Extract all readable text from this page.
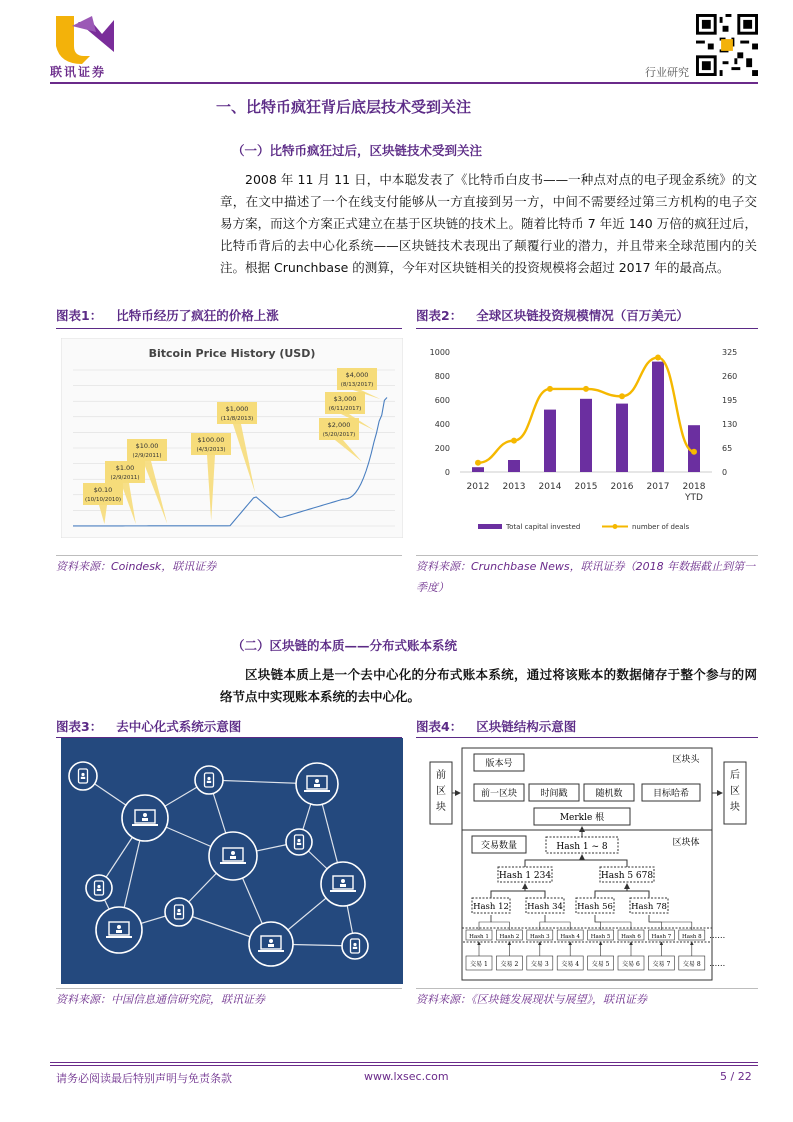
联讯证券	行业研究
一、比特币疯狂背后底层技术受到关注
（一）比特币疯狂过后，区块链技术受到关注

2008 年 11 月 11 日，中本聪发表了《比特币白皮书——一种点对点的电子现金系统》的文章，在文中描述了一个在线支付能够从一方直接到另一方，中间不需要经过第三方机构的电子交易方案，而这个方案正式建立在基于区块链的技术上。随着比特币 7 年近 140 万倍的疯狂过后，比特币背后的去中心化系统——区块链技术表现出了颠覆行业的潜力，并且带来全球范围内的关注。根据 Crunchbase 的测算，今年对区块链相关的投资规模将会超过 2017 年的最高点。

图表1： 比特币经历了疯狂的价格上涨	图表2： 全球区块链投资规模情况（百万美元）
Bitcoin Price History (USD)
$0.10
(10/10/2010)
$1.00
(2/9/2011)
$10.00
(2/9/2011)
$100.00
(4/3/2013)
$1,000
(11/8/2013)
$2,000
(5/20/2017)
$3,000
(6/11/2017)
$4,000
(8/13/2017)
1000
800
600
400
200
0
325
260
195
130
65
0
2012 2013 2014 2015 2016 2017 2018
YTD
Total capital invested	number of deals
资料来源：Coindesk，联讯证券	资料来源：Crunchbase News，联讯证券（2018 年数据截止到第一季度）
（二）区块链的本质——分布式账本系统

区块链本质上是一个去中心化的分布式账本系统，通过将该账本的数据储存于整个参与的网络节点中实现账本系统的去中心化。

图表3： 去中心化式系统示意图	图表4： 区块链结构示意图
前
区
块
后
区
块
区块头
区块体
版本号
前一区块	时间戳	随机数	目标哈希
Merkle 根
交易数量	Hash 1 ~ 8
Hash 1 234	Hash 5 678
Hash 12 Hash 34 Hash 56 Hash 78
Hash 1
交易 1
Hash 2
交易 2
Hash 3
交易 3
Hash 4
交易 4
Hash 5
交易 5
Hash 6
交易 6
Hash 7
交易 7
Hash 8
交易 8 ……
……
资料来源：中国信息通信研究院，联讯证券	资料来源：《区块链发展现状与展望》，联讯证券
请务必阅读最后特别声明与免责条款	www.lxsec.com	5 / 22
